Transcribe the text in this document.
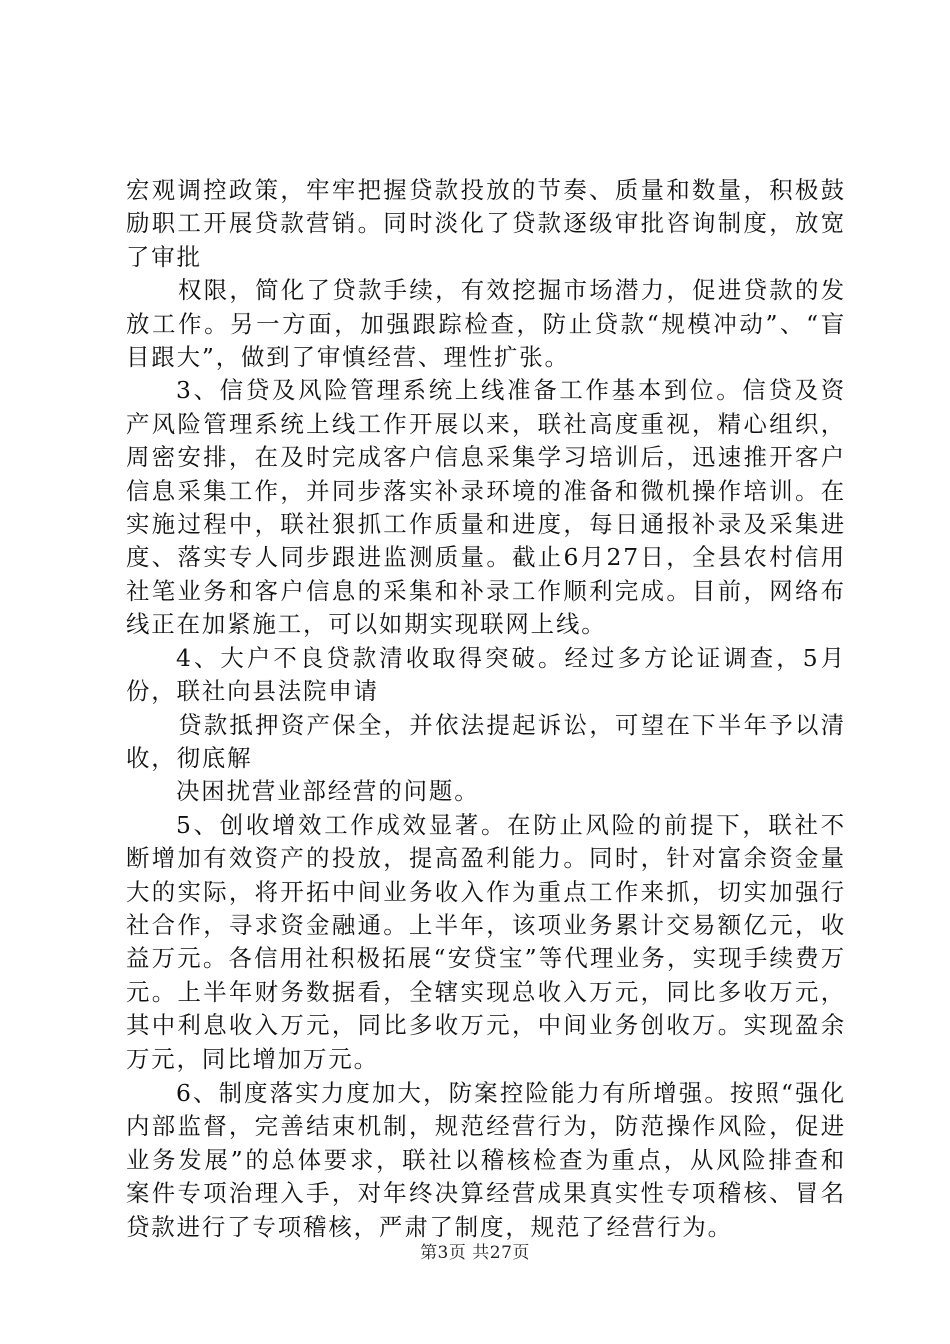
宏观调控政策，牢牢把握贷款投放的节奏、质量和数量，积极鼓励职工开展贷款营销。同时淡化了贷款逐级审批咨询制度，放宽了审批

权限，简化了贷款手续，有效挖掘市场潜力，促进贷款的发放工作。另一方面，加强跟踪检查，防止贷款“规模冲动”、“盲目跟大”，做到了审慎经营、理性扩张。

3、信贷及风险管理系统上线准备工作基本到位。信贷及资产风险管理系统上线工作开展以来，联社高度重视，精心组织，周密安排，在及时完成客户信息采集学习培训后，迅速推开客户信息采集工作，并同步落实补录环境的准备和微机操作培训。在实施过程中，联社狠抓工作质量和进度，每日通报补录及采集进度、落实专人同步跟进监测质量。截止6月27日，全县农村信用社笔业务和客户信息的采集和补录工作顺利完成。目前，网络布线正在加紧施工，可以如期实现联网上线。

4、大户不良贷款清收取得突破。经过多方论证调查，5月份，联社向县法院申请

贷款抵押资产保全，并依法提起诉讼，可望在下半年予以清收，彻底解

决困扰营业部经营的问题。

5、创收增效工作成效显著。在防止风险的前提下，联社不断增加有效资产的投放，提高盈利能力。同时，针对富余资金量大的实际，将开拓中间业务收入作为重点工作来抓，切实加强行社合作，寻求资金融通。上半年，该项业务累计交易额亿元，收益万元。各信用社积极拓展“安贷宝”等代理业务，实现手续费万元。上半年财务数据看，全辖实现总收入万元，同比多收万元，其中利息收入万元，同比多收万元，中间业务创收万。实现盈余万元，同比增加万元。

6、制度落实力度加大，防案控险能力有所增强。按照“强化内部监督，完善结束机制，规范经营行为，防范操作风险，促进业务发展”的总体要求，联社以稽核检查为重点，从风险排查和案件专项治理入手，对年终决算经营成果真实性专项稽核、冒名贷款进行了专项稽核，严肃了制度，规范了经营行为。

第3页 共27页
